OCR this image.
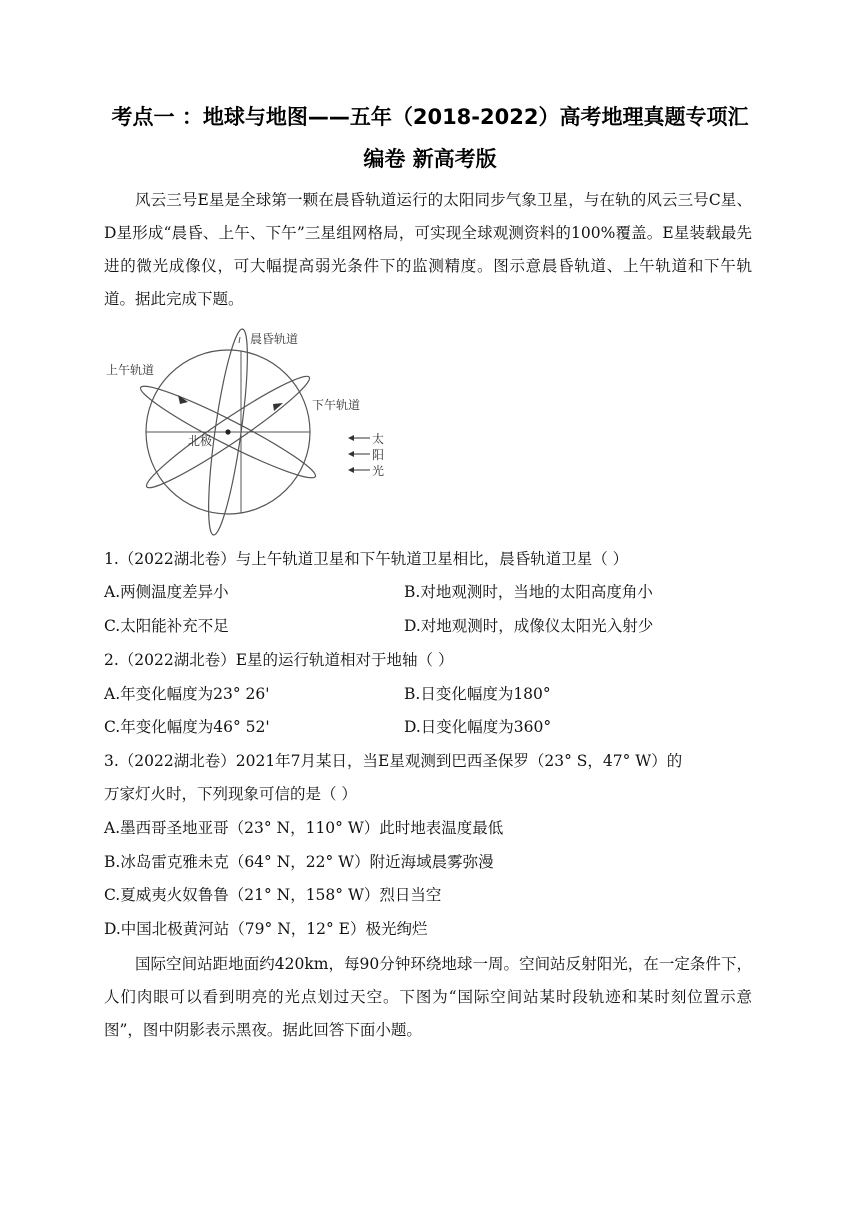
考点一 ：地球与地图——五年（2018-2022）高考地理真题专项汇
编卷 新高考版
风云三号E星是全球第一颗在晨昏轨道运行的太阳同步气象卫星，与在轨的风云三号C星、D星形成“晨昏、上午、下午”三星组网格局，可实现全球观测资料的100%覆盖。E星装载最先进的微光成像仪，可大幅提高弱光条件下的监测精度。图示意晨昏轨道、上午轨道和下午轨道。据此完成下题。
晨昏轨道
上午轨道
下午轨道
北极	太
阳
光
1.（2022湖北卷）与上午轨道卫星和下午轨道卫星相比，晨昏轨道卫星（ ）
A.两侧温度差异小	B.对地观测时，当地的太阳高度角小
C.太阳能补充不足	D.对地观测时，成像仪太阳光入射少
2.（2022湖北卷）E星的运行轨道相对于地轴（ ）
A.年变化幅度为23° 26'	B.日变化幅度为180°
C.年变化幅度为46° 52'	D.日变化幅度为360°
3.（2022湖北卷）2021年7月某日，当E星观测到巴西圣保罗（23° S，47° W）的
万家灯火时，下列现象可信的是（ ）
A.墨西哥圣地亚哥（23° N，110° W）此时地表温度最低
B.冰岛雷克雅未克（64° N，22° W）附近海域晨雾弥漫
C.夏威夷火奴鲁鲁（21° N，158° W）烈日当空
D.中国北极黄河站（79° N，12° E）极光绚烂
国际空间站距地面约420km，每90分钟环绕地球一周。空间站反射阳光，在一定条件下，人们肉眼可以看到明亮的光点划过天空。下图为“国际空间站某时段轨迹和某时刻位置示意图”，图中阴影表示黑夜。据此回答下面小题。
